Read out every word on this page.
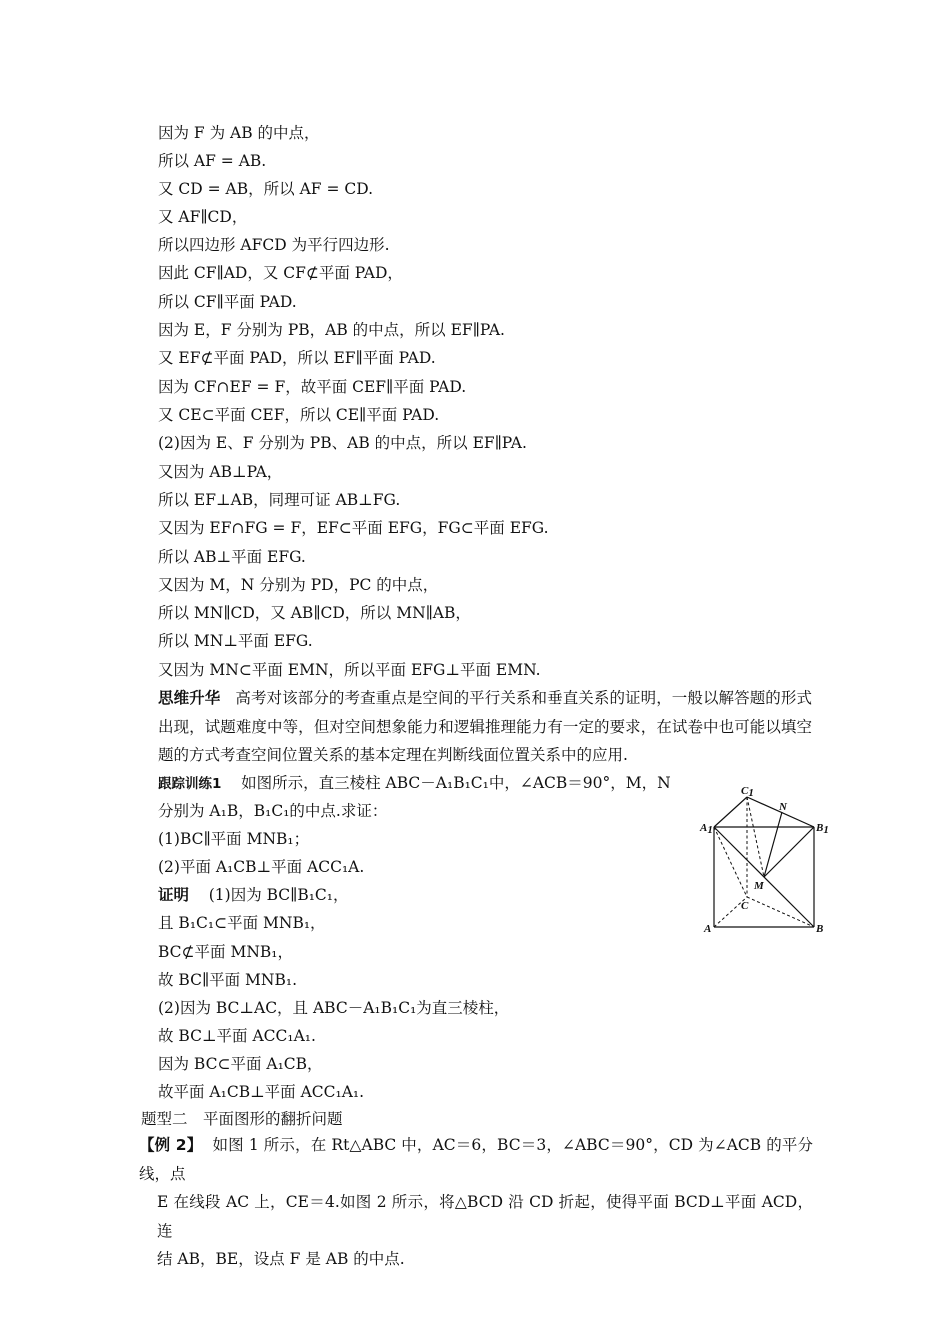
因为 F 为 AB 的中点，
所以 AF = AB.
又 CD = AB，所以 AF = CD.
又 AF∥CD，
所以四边形 AFCD 为平行四边形.
因此 CF∥AD，又 CF⊄平面 PAD，
所以 CF∥平面 PAD.
因为 E，F 分别为 PB，AB 的中点，所以 EF∥PA.
又 EF⊄平面 PAD，所以 EF∥平面 PAD.
因为 CF∩EF = F，故平面 CEF∥平面 PAD.
又 CE⊂平面 CEF，所以 CE∥平面 PAD.
(2)因为 E、F 分别为 PB、AB 的中点，所以 EF∥PA.
又因为 AB⊥PA，
所以 EF⊥AB，同理可证 AB⊥FG.
又因为 EF∩FG = F，EF⊂平面 EFG，FG⊂平面 EFG.
所以 AB⊥平面 EFG.
又因为 M，N 分别为 PD，PC 的中点，
所以 MN∥CD，又 AB∥CD，所以 MN∥AB，
所以 MN⊥平面 EFG.
又因为 MN⊂平面 EMN，所以平面 EFG⊥平面 EMN.
思维升华 高考对该部分的考查重点是空间的平行关系和垂直关系的证明，一般以解答题的形式出现，试题难度中等，但对空间想象能力和逻辑推理能力有一定的要求，在试卷中也可能以填空题的方式考查空间位置关系的基本定理在判断线面位置关系中的应用.
跟踪训练1 如图所示，直三棱柱 ABC－A₁B₁C₁中，∠ACB＝90°，M，N
分别为 A₁B，B₁C₁的中点.求证：
(1)BC∥平面 MNB₁；
(2)平面 A₁CB⊥平面 ACC₁A.
证明 (1)因为 BC∥B₁C₁，
且 B₁C₁⊂平面 MNB₁，
BC⊄平面 MNB₁，
故 BC∥平面 MNB₁.
(2)因为 BC⊥AC，且 ABC－A₁B₁C₁为直三棱柱，
故 BC⊥平面 ACC₁A₁.
因为 BC⊂平面 A₁CB，
故平面 A₁CB⊥平面 ACC₁A₁.
题型二　平面图形的翻折问题
【例 2】 如图 1 所示，在 Rt△ABC 中，AC＝6，BC＝3，∠ABC＝90°，CD 为∠ACB 的平分线，点
E 在线段 AC 上，CE＝4.如图 2 所示，将△BCD 沿 CD 折起，使得平面 BCD⊥平面 ACD，连
结 AB，BE，设点 F 是 AB 的中点.
C1
N
A1	B1
M
C
A	B
